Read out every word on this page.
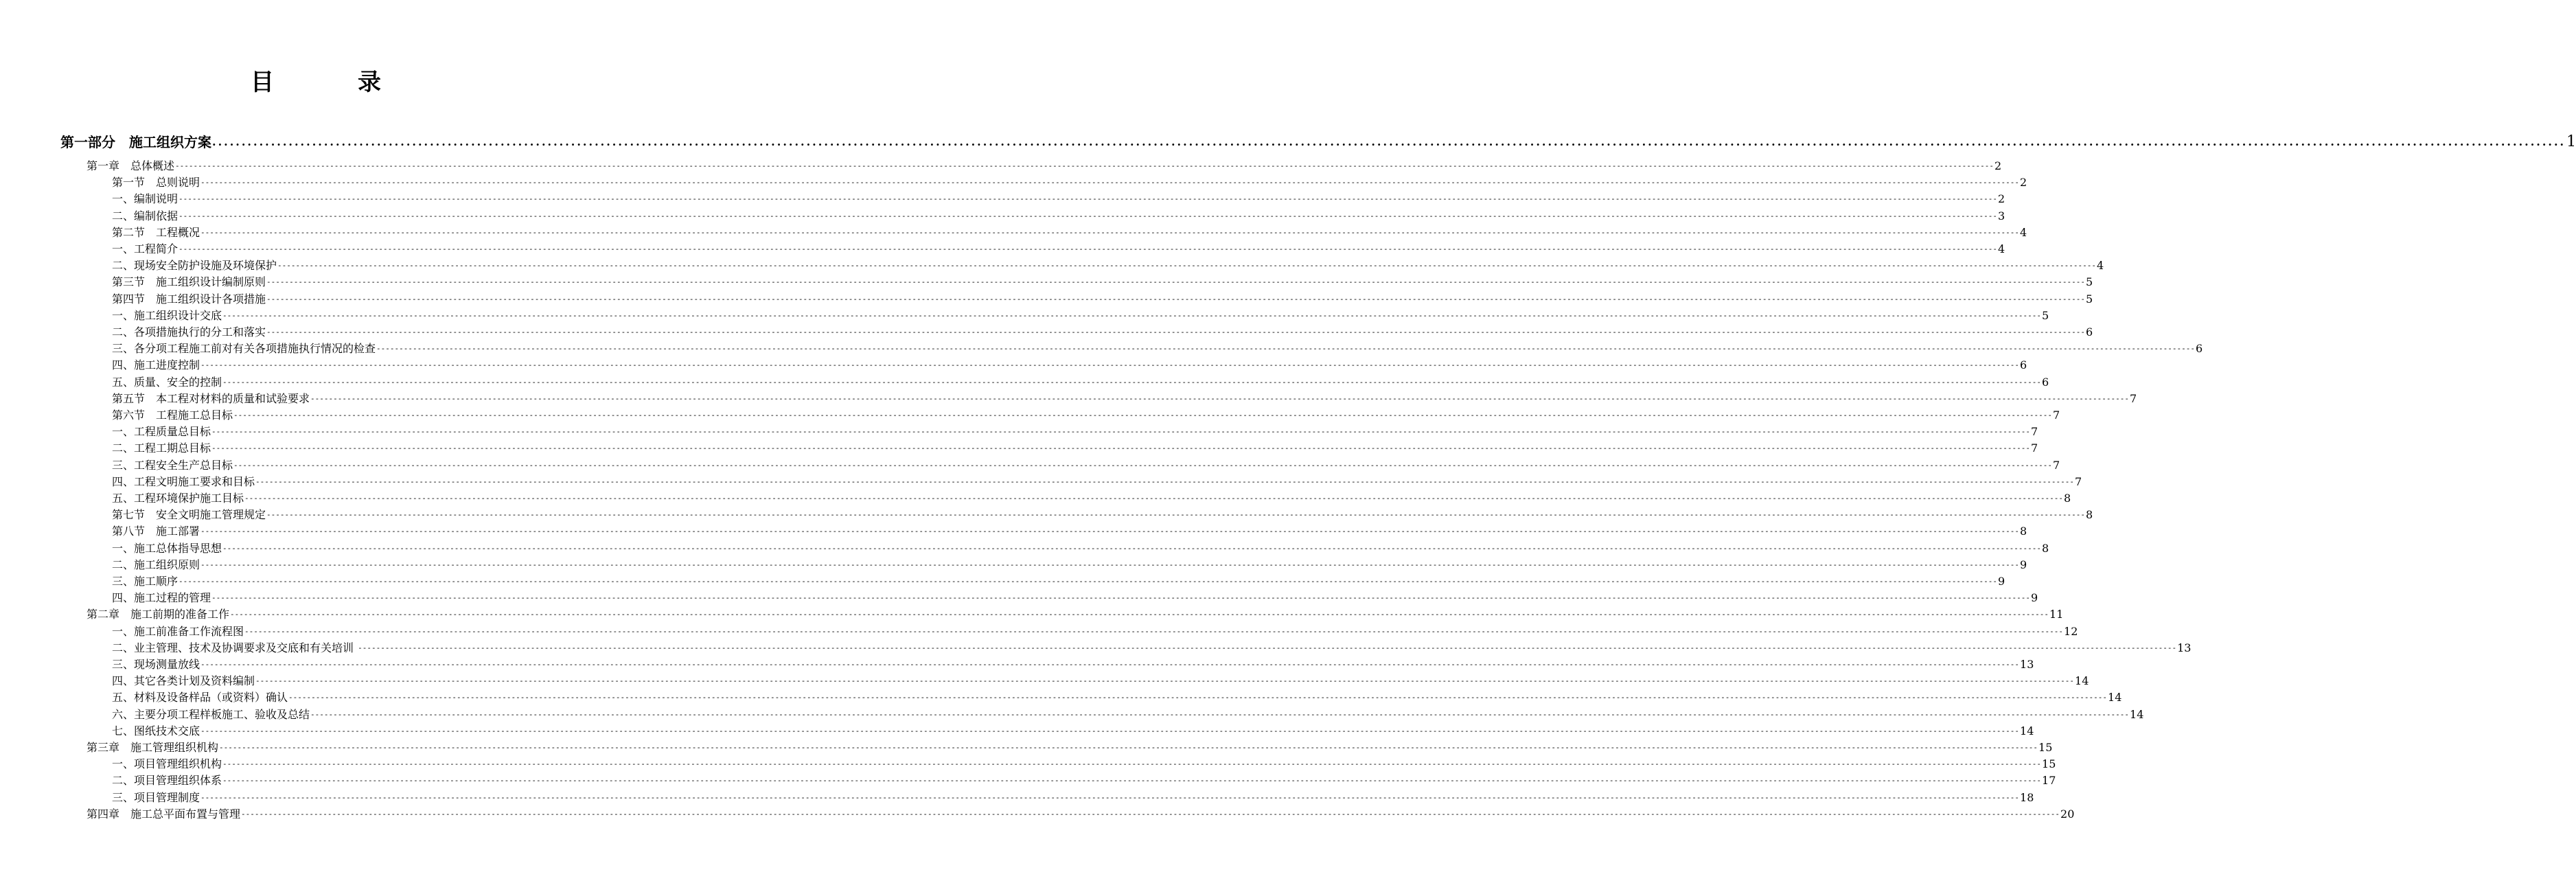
目　录
第一部分　施工组织方案 ................................................................................................................................................................................................................................................................................................................................................................................................................ 1
第一章　总体概述 ---------------------------------------------------------------------------------------------------------------------------------------------------------------------------------------------------------------------------------------------------------------------------------------------------------------------------------------------------------------------------------------------------------------- 2
第一节　总则说明 ---------------------------------------------------------------------------------------------------------------------------------------------------------------------------------------------------------------------------------------------------------------------------------------------------------------------------------------------------------------------------------------------------------------- 2
一、编制说明 ---------------------------------------------------------------------------------------------------------------------------------------------------------------------------------------------------------------------------------------------------------------------------------------------------------------------------------------------------------------------------------------------------------------- 2
二、编制依据 ---------------------------------------------------------------------------------------------------------------------------------------------------------------------------------------------------------------------------------------------------------------------------------------------------------------------------------------------------------------------------------------------------------------- 3
第二节　工程概况 ---------------------------------------------------------------------------------------------------------------------------------------------------------------------------------------------------------------------------------------------------------------------------------------------------------------------------------------------------------------------------------------------------------------- 4
一、工程简介 ---------------------------------------------------------------------------------------------------------------------------------------------------------------------------------------------------------------------------------------------------------------------------------------------------------------------------------------------------------------------------------------------------------------- 4
二、现场安全防护设施及环境保护 ---------------------------------------------------------------------------------------------------------------------------------------------------------------------------------------------------------------------------------------------------------------------------------------------------------------------------------------------------------------------------------------------------------------- 4
第三节　施工组织设计编制原则 ---------------------------------------------------------------------------------------------------------------------------------------------------------------------------------------------------------------------------------------------------------------------------------------------------------------------------------------------------------------------------------------------------------------- 5
第四节　施工组织设计各项措施 ---------------------------------------------------------------------------------------------------------------------------------------------------------------------------------------------------------------------------------------------------------------------------------------------------------------------------------------------------------------------------------------------------------------- 5
一、施工组织设计交底 ---------------------------------------------------------------------------------------------------------------------------------------------------------------------------------------------------------------------------------------------------------------------------------------------------------------------------------------------------------------------------------------------------------------- 5
二、各项措施执行的分工和落实 ---------------------------------------------------------------------------------------------------------------------------------------------------------------------------------------------------------------------------------------------------------------------------------------------------------------------------------------------------------------------------------------------------------------- 6
三、各分项工程施工前对有关各项措施执行情况的检查 ---------------------------------------------------------------------------------------------------------------------------------------------------------------------------------------------------------------------------------------------------------------------------------------------------------------------------------------------------------------------------------------------------------------- 6
四、施工进度控制 ---------------------------------------------------------------------------------------------------------------------------------------------------------------------------------------------------------------------------------------------------------------------------------------------------------------------------------------------------------------------------------------------------------------- 6
五、质量、安全的控制 ---------------------------------------------------------------------------------------------------------------------------------------------------------------------------------------------------------------------------------------------------------------------------------------------------------------------------------------------------------------------------------------------------------------- 6
第五节　本工程对材料的质量和试验要求 ---------------------------------------------------------------------------------------------------------------------------------------------------------------------------------------------------------------------------------------------------------------------------------------------------------------------------------------------------------------------------------------------------------------- 7
第六节　工程施工总目标 ---------------------------------------------------------------------------------------------------------------------------------------------------------------------------------------------------------------------------------------------------------------------------------------------------------------------------------------------------------------------------------------------------------------- 7
一、工程质量总目标 ---------------------------------------------------------------------------------------------------------------------------------------------------------------------------------------------------------------------------------------------------------------------------------------------------------------------------------------------------------------------------------------------------------------- 7
二、工程工期总目标 ---------------------------------------------------------------------------------------------------------------------------------------------------------------------------------------------------------------------------------------------------------------------------------------------------------------------------------------------------------------------------------------------------------------- 7
三、工程安全生产总目标 ---------------------------------------------------------------------------------------------------------------------------------------------------------------------------------------------------------------------------------------------------------------------------------------------------------------------------------------------------------------------------------------------------------------- 7
四、工程文明施工要求和目标 ---------------------------------------------------------------------------------------------------------------------------------------------------------------------------------------------------------------------------------------------------------------------------------------------------------------------------------------------------------------------------------------------------------------- 7
五、工程环境保护施工目标 ---------------------------------------------------------------------------------------------------------------------------------------------------------------------------------------------------------------------------------------------------------------------------------------------------------------------------------------------------------------------------------------------------------------- 8
第七节　安全文明施工管理规定 ---------------------------------------------------------------------------------------------------------------------------------------------------------------------------------------------------------------------------------------------------------------------------------------------------------------------------------------------------------------------------------------------------------------- 8
第八节　施工部署 ---------------------------------------------------------------------------------------------------------------------------------------------------------------------------------------------------------------------------------------------------------------------------------------------------------------------------------------------------------------------------------------------------------------- 8
一、施工总体指导思想 ---------------------------------------------------------------------------------------------------------------------------------------------------------------------------------------------------------------------------------------------------------------------------------------------------------------------------------------------------------------------------------------------------------------- 8
二、施工组织原则 ---------------------------------------------------------------------------------------------------------------------------------------------------------------------------------------------------------------------------------------------------------------------------------------------------------------------------------------------------------------------------------------------------------------- 9
三、施工顺序 ---------------------------------------------------------------------------------------------------------------------------------------------------------------------------------------------------------------------------------------------------------------------------------------------------------------------------------------------------------------------------------------------------------------- 9
四、施工过程的管理 ---------------------------------------------------------------------------------------------------------------------------------------------------------------------------------------------------------------------------------------------------------------------------------------------------------------------------------------------------------------------------------------------------------------- 9
第二章　施工前期的准备工作 ---------------------------------------------------------------------------------------------------------------------------------------------------------------------------------------------------------------------------------------------------------------------------------------------------------------------------------------------------------------------------------------------------------------- 11
一、施工前准备工作流程图 ---------------------------------------------------------------------------------------------------------------------------------------------------------------------------------------------------------------------------------------------------------------------------------------------------------------------------------------------------------------------------------------------------------------- 12
二、业主管理、技术及协调要求及交底和有关培训 ---------------------------------------------------------------------------------------------------------------------------------------------------------------------------------------------------------------------------------------------------------------------------------------------------------------------------------------------------------------------------------------------------------------- 13
三、现场测量放线 ---------------------------------------------------------------------------------------------------------------------------------------------------------------------------------------------------------------------------------------------------------------------------------------------------------------------------------------------------------------------------------------------------------------- 13
四、其它各类计划及资料编制 ---------------------------------------------------------------------------------------------------------------------------------------------------------------------------------------------------------------------------------------------------------------------------------------------------------------------------------------------------------------------------------------------------------------- 14
五、材料及设备样品（或资料）确认 ---------------------------------------------------------------------------------------------------------------------------------------------------------------------------------------------------------------------------------------------------------------------------------------------------------------------------------------------------------------------------------------------------------------- 14
六、主要分项工程样板施工、验收及总结 ---------------------------------------------------------------------------------------------------------------------------------------------------------------------------------------------------------------------------------------------------------------------------------------------------------------------------------------------------------------------------------------------------------------- 14
七、图纸技术交底 ---------------------------------------------------------------------------------------------------------------------------------------------------------------------------------------------------------------------------------------------------------------------------------------------------------------------------------------------------------------------------------------------------------------- 14
第三章　施工管理组织机构 ---------------------------------------------------------------------------------------------------------------------------------------------------------------------------------------------------------------------------------------------------------------------------------------------------------------------------------------------------------------------------------------------------------------- 15
一、项目管理组织机构 ---------------------------------------------------------------------------------------------------------------------------------------------------------------------------------------------------------------------------------------------------------------------------------------------------------------------------------------------------------------------------------------------------------------- 15
二、项目管理组织体系 ---------------------------------------------------------------------------------------------------------------------------------------------------------------------------------------------------------------------------------------------------------------------------------------------------------------------------------------------------------------------------------------------------------------- 17
三、项目管理制度 ---------------------------------------------------------------------------------------------------------------------------------------------------------------------------------------------------------------------------------------------------------------------------------------------------------------------------------------------------------------------------------------------------------------- 18
第四章　施工总平面布置与管理 ---------------------------------------------------------------------------------------------------------------------------------------------------------------------------------------------------------------------------------------------------------------------------------------------------------------------------------------------------------------------------------------------------------------- 20
